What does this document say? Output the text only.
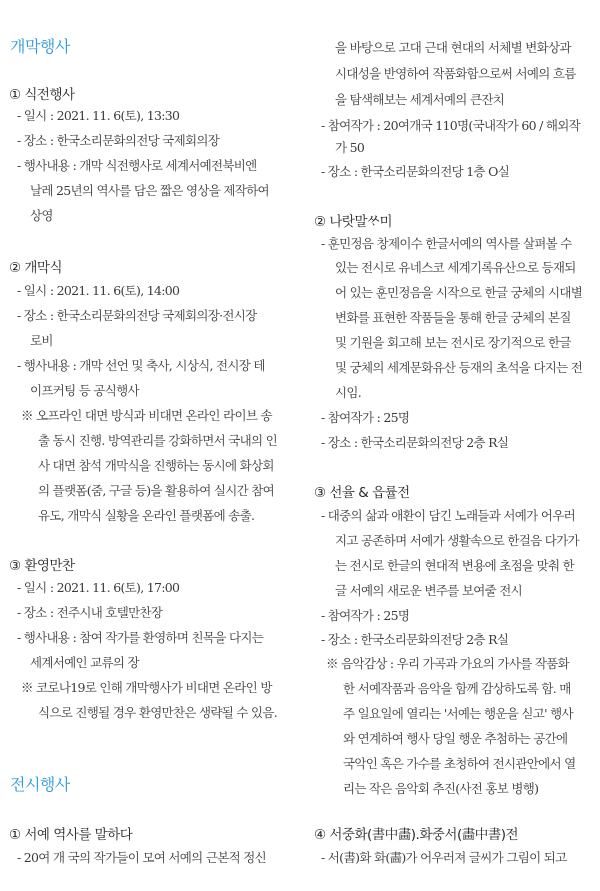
개막행사
① 식전행사

- 일시 : 2021. 11. 6(토), 13:30

- 장소 : 한국소리문화의전당 국제회의장

- 행사내용 : 개막 식전행사로 세계서예전북비엔

날레 25년의 역사를 담은 짧은 영상을 제작하여

상영

② 개막식

- 일시 : 2021. 11. 6(토), 14:00

- 장소 : 한국소리문화의전당 국제회의장·전시장

로비

- 행사내용 : 개막 선언 및 축사, 시상식, 전시장 테

이프커팅 등 공식행사

※ 오프라인 대면 방식과 비대면 온라인 라이브 송

출 동시 진행. 방역관리를 강화하면서 국내의 인

사 대면 참석 개막식을 진행하는 동시에 화상회

의 플랫폼(줌, 구글 등)을 활용하여 실시간 참여

유도, 개막식 실황을 온라인 플랫폼에 송출.

③ 환영만찬

- 일시 : 2021. 11. 6(토), 17:00

- 장소 : 전주시내 호텔만찬장

- 행사내용 : 참여 작가를 환영하며 친목을 다지는

세계서예인 교류의 장

※ 코로나19로 인해 개막행사가 비대면 온라인 방

식으로 진행될 경우 환영만찬은 생략될 수 있음.

전시행사
① 서예 역사를 말하다

- 20여 개 국의 작가들이 모여 서예의 근본적 정신

을 바탕으로 고대 근대 현대의 서체별 변화상과

시대성을 반영하여 작품화함으로써 서예의 흐름

을 탐색해보는 세계서예의 큰잔치

- 참여작가 : 20여개국 110명(국내작가 60 / 해외작

가 50

- 장소 : 한국소리문화의전당 1층 O실

② 나랏말ᄊᆞ미

- 훈민정음 창제이수 한글서예의 역사를 살펴볼 수

있는 전시로 유네스코 세계기록유산으로 등재되

어 있는 훈민정음을 시작으로 한글 궁체의 시대별

변화를 표현한 작품들을 통해 한글 궁체의 본질

및 기원을 회고해 보는 전시로 장기적으로 한글

및 궁체의 세계문화유산 등재의 초석을 다지는 전

시임.

- 참여작가 : 25명

- 장소 : 한국소리문화의전당 2층 R실

③ 선율 & 읍률전

- 대중의 삶과 애환이 담긴 노래들과 서예가 어우러

지고 공존하며 서예가 생활속으로 한걸음 다가가

는 전시로 한글의 현대적 변용에 초점을 맞춰 한

글 서예의 새로운 변주를 보여줄 전시

- 참여작가 : 25명

- 장소 : 한국소리문화의전당 2층 R실

※ 음악감상 : 우리 가곡과 가요의 가사를 작품화

한 서예작품과 음악을 함께 감상하도록 함. 매

주 일요일에 열리는 '서예는 행운을 싣고' 행사

와 연계하여 행사 당일 행운 추첨하는 공간에

국악인 혹은 가수를 초청하여 전시관안에서 열

리는 작은 음악회 추진(사전 홍보 병행)

④ 서중화(書中畵).화중서(畵中書)전

- 서(書)화 화(畵)가 어우러져 글씨가 그림이 되고
